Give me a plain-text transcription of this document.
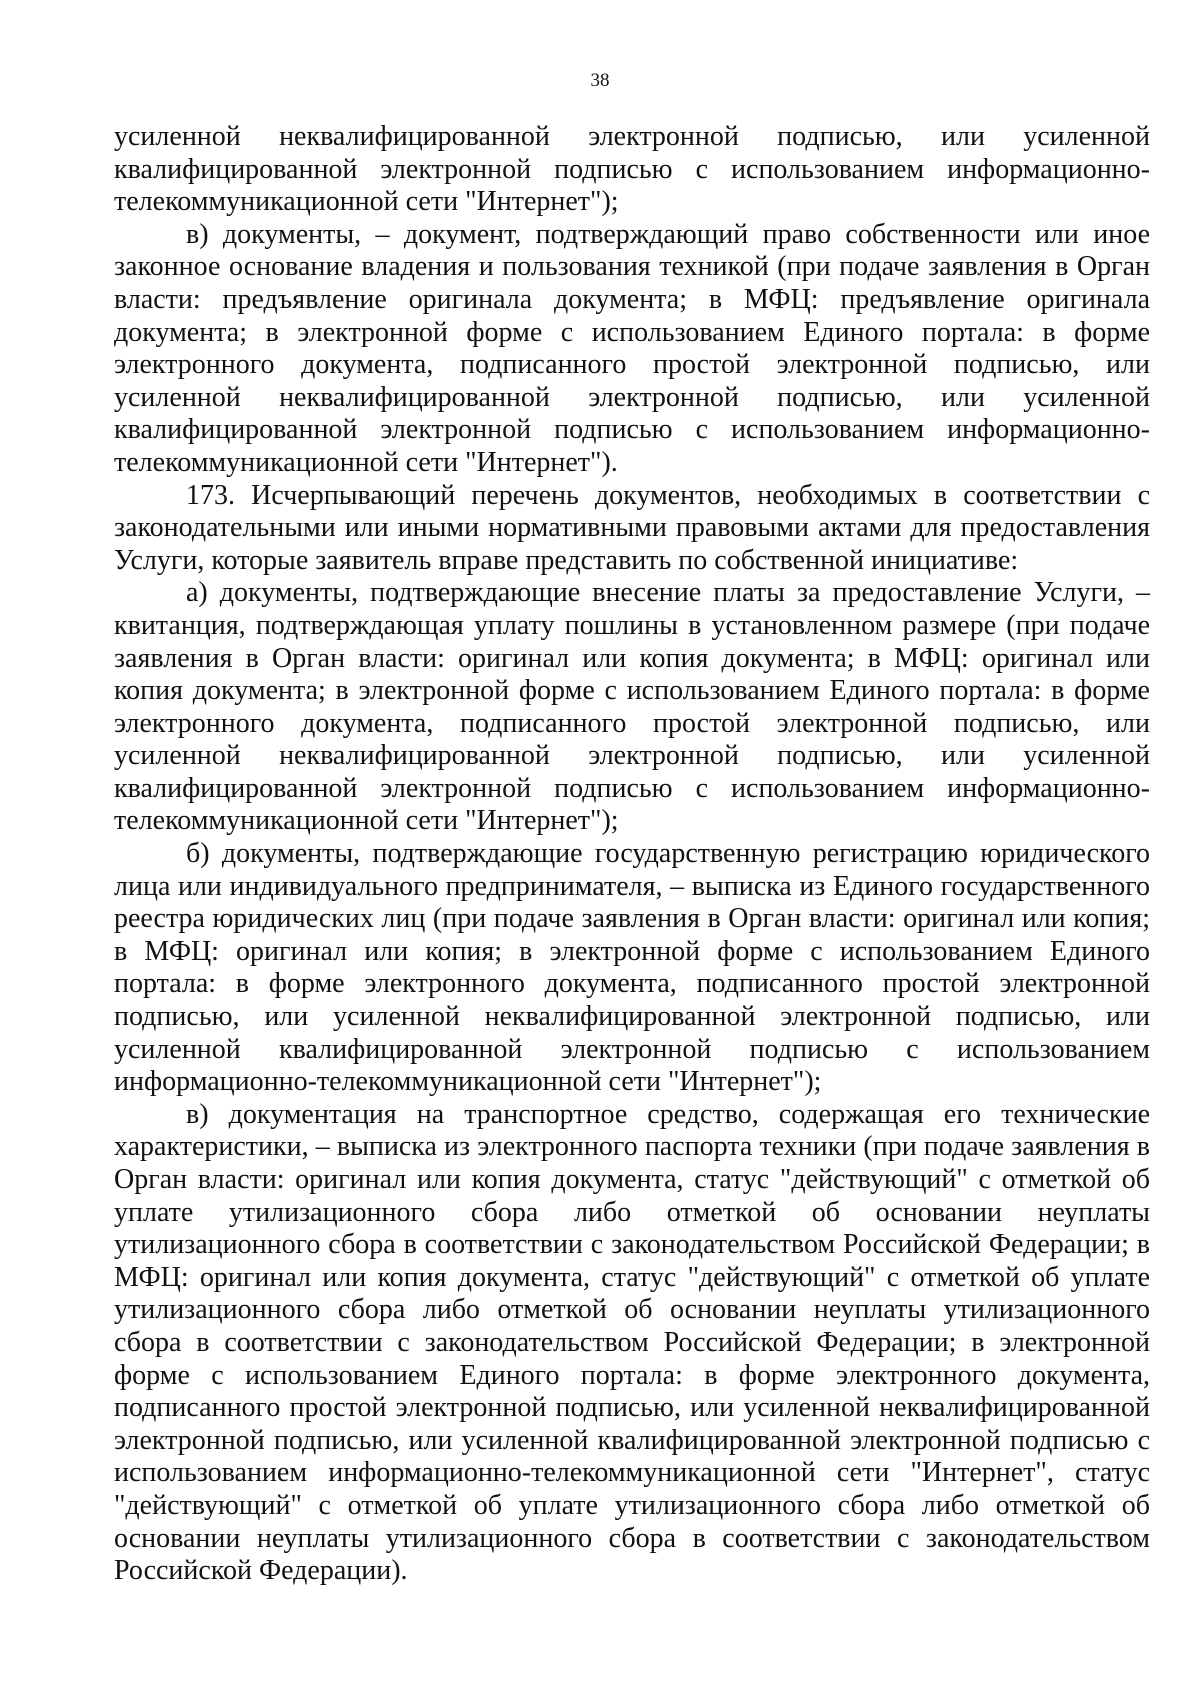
38

усиленной неквалифицированной электронной подписью, или усиленной квалифицированной электронной подписью с использованием информационно-телекоммуникационной сети "Интернет");

в) документы, – документ, подтверждающий право собственности или иное законное основание владения и пользования техникой (при подаче заявления в Орган власти: предъявление оригинала документа; в МФЦ: предъявление оригинала документа; в электронной форме с использованием Единого портала: в форме электронного документа, подписанного простой электронной подписью, или усиленной неквалифицированной электронной подписью, или усиленной квалифицированной электронной подписью с использованием информационно-телекоммуникационной сети "Интернет").

173. Исчерпывающий перечень документов, необходимых в соответствии с законодательными или иными нормативными правовыми актами для предоставления Услуги, которые заявитель вправе представить по собственной инициативе:

а) документы, подтверждающие внесение платы за предоставление Услуги, – квитанция, подтверждающая уплату пошлины в установленном размере (при подаче заявления в Орган власти: оригинал или копия документа; в МФЦ: оригинал или копия документа; в электронной форме с использованием Единого портала: в форме электронного документа, подписанного простой электронной подписью, или усиленной неквалифицированной электронной подписью, или усиленной квалифицированной электронной подписью с использованием информационно-телекоммуникационной сети "Интернет");

б) документы, подтверждающие государственную регистрацию юридического лица или индивидуального предпринимателя, – выписка из Единого государственного реестра юридических лиц (при подаче заявления в Орган власти: оригинал или копия; в МФЦ: оригинал или копия; в электронной форме с использованием Единого портала: в форме электронного документа, подписанного простой электронной подписью, или усиленной неквалифицированной электронной подписью, или усиленной квалифицированной электронной подписью с использованием информационно-телекоммуникационной сети "Интернет");

в) документация на транспортное средство, содержащая его технические характеристики, – выписка из электронного паспорта техники (при подаче заявления в Орган власти: оригинал или копия документа, статус "действующий" с отметкой об уплате утилизационного сбора либо отметкой об основании неуплаты утилизационного сбора в соответствии с законодательством Российской Федерации; в МФЦ: оригинал или копия документа, статус "действующий" с отметкой об уплате утилизационного сбора либо отметкой об основании неуплаты утилизационного сбора в соответствии с законодательством Российской Федерации; в электронной форме с использованием Единого портала: в форме электронного документа, подписанного простой электронной подписью, или усиленной неквалифицированной электронной подписью, или усиленной квалифицированной электронной подписью с использованием информационно-телекоммуникационной сети "Интернет", статус "действующий" с отметкой об уплате утилизационного сбора либо отметкой об основании неуплаты утилизационного сбора в соответствии с законодательством Российской Федерации).
